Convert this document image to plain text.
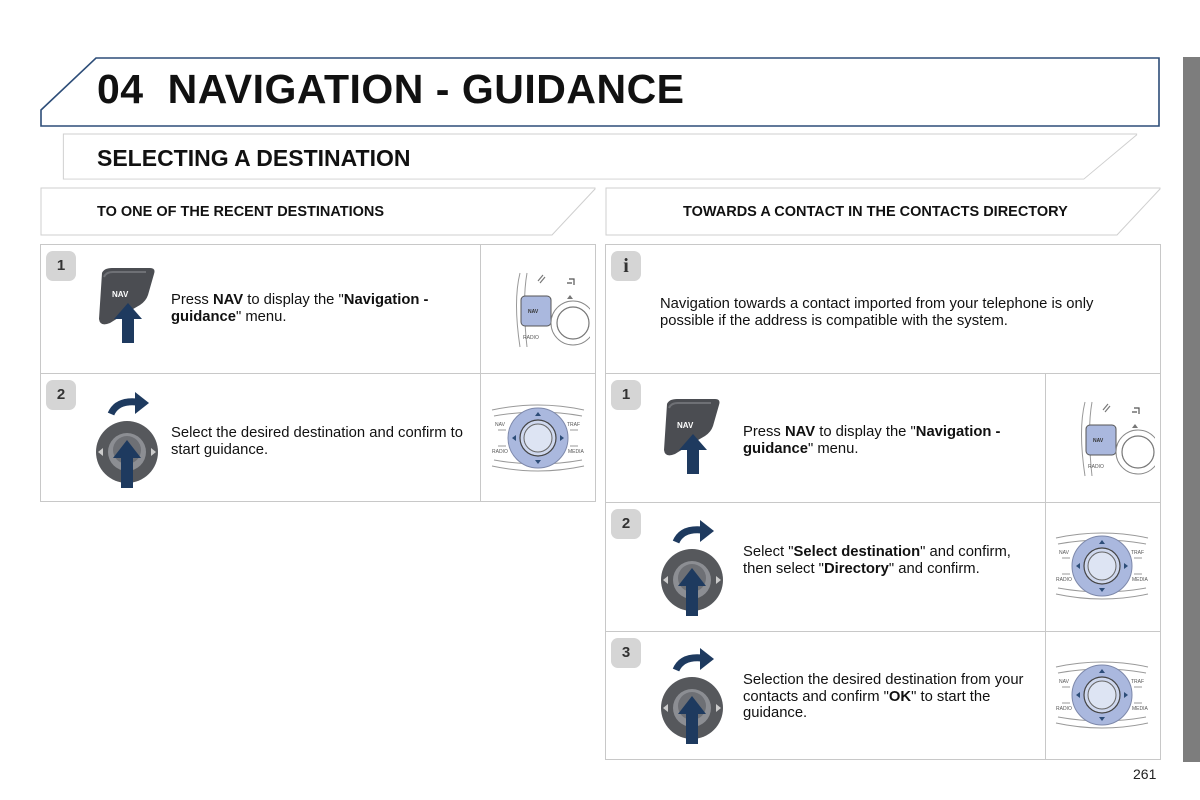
04 NAVIGATION - GUIDANCE
SELECTING A DESTINATION
TO ONE OF THE RECENT DESTINATIONS	TOWARDS A CONTACT IN THE CONTACTS DIRECTORY
1
NAV	Press NAV to display the "Navigation - guidance" menu.	NAV
RADIO
2
Select the desired destination and confirm to start guidance.
NAV	TRAF
RADIO	MEDIA
i
Navigation towards a contact imported from your telephone is only possible if the address is compatible with the system.
1
NAV	Press NAV to display the "Navigation - guidance" menu.	NAV
RADIO
2
Select "Select destination" and confirm, then select "Directory" and confirm.
NAV	TRAF
RADIO	MEDIA
3
Selection the desired destination from your contacts and confirm "OK" to start the guidance.
NAV	TRAF
RADIO	MEDIA
261
